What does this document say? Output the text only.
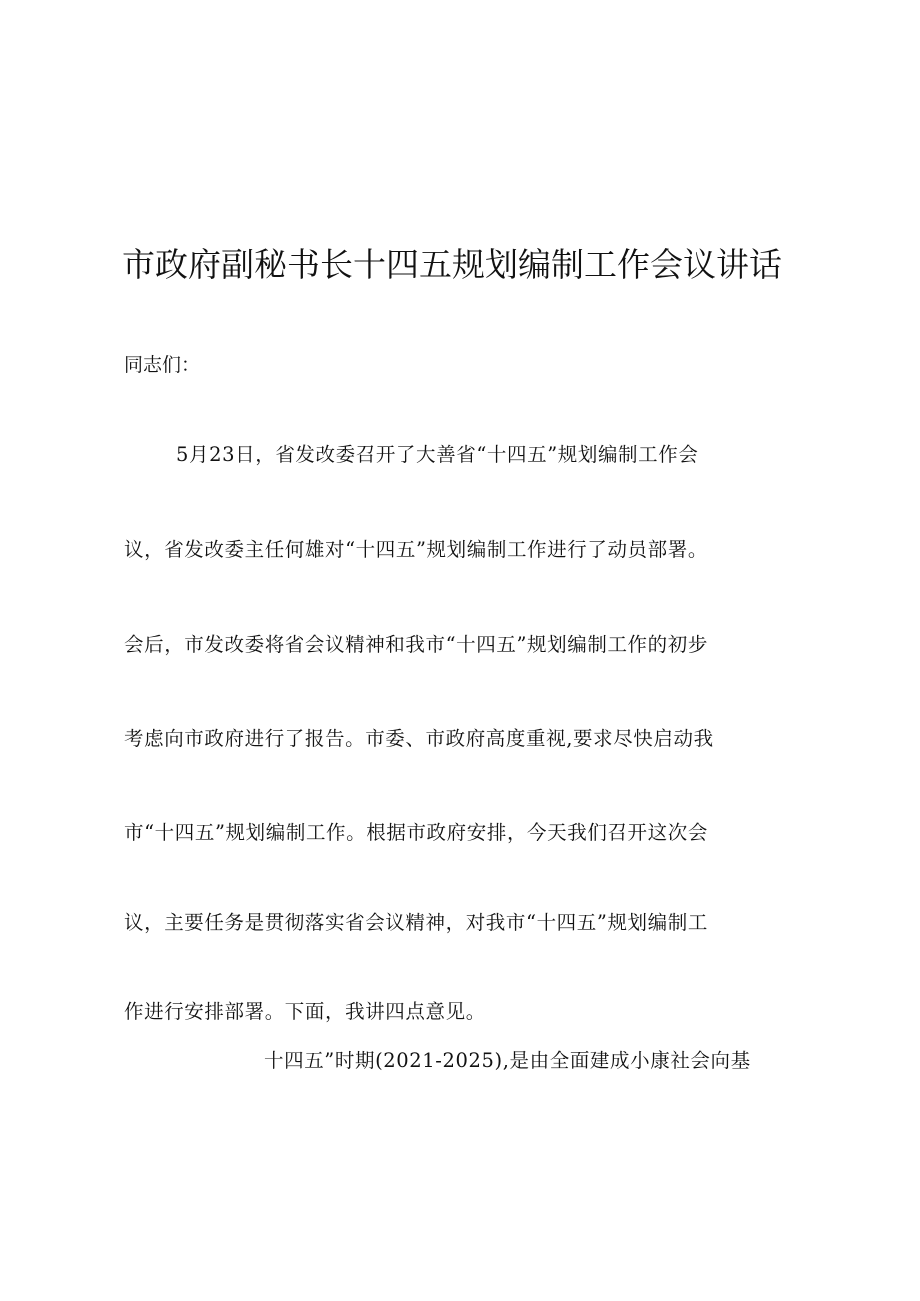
市政府副秘书长十四五规划编制工作会议讲话
同志们：
5月23日，省发改委召开了大善省“十四五”规划编制工作会
议，省发改委主任何雄对“十四五”规划编制工作进行了动员部署。
会后，市发改委将省会议精神和我市“十四五”规划编制工作的初步
考虑向市政府进行了报告。市委、市政府高度重视,要求尽快启动我
市“十四五”规划编制工作。根据市政府安排，今天我们召开这次会
议，主要任务是贯彻落实省会议精神，对我市“十四五”规划编制工
作进行安排部署。下面，我讲四点意见。
十四五”时期(2021-2025),是由全面建成小康社会向基
